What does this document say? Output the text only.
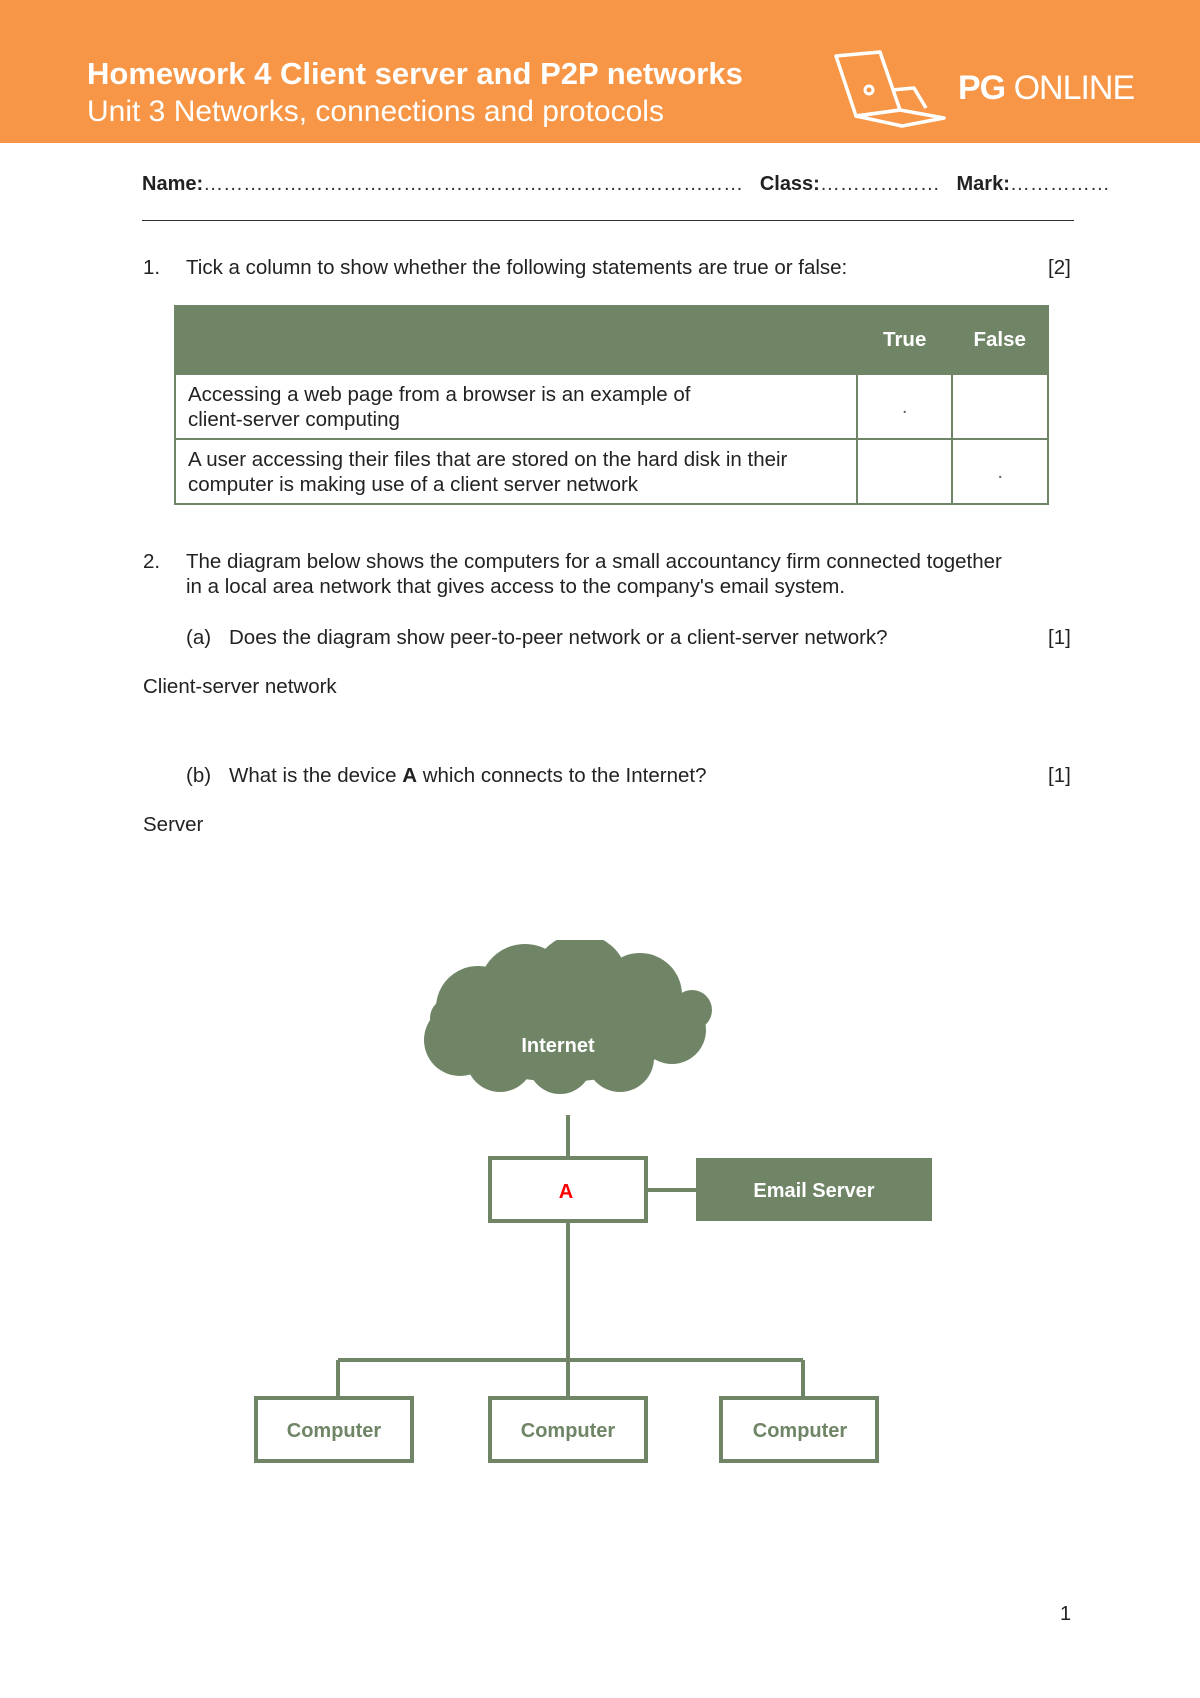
Homework 4 Client server and P2P networks
Unit 3 Networks, connections and protocols
PG ONLINE
Name:……………………………………………………………………… Class:……………… Mark:……………
1. Tick a column to show whether the following statements are true or false:	[2]
	True	False

Accessing a web page from a browser is an example of
client-server computing	.	

A user accessing their files that are stored on the hard disk in their
computer is making use of a client server network		.
2. The diagram below shows the computers for a small accountancy firm connected together
in a local area network that gives access to the company's email system.
(a) Does the diagram show peer-to-peer network or a client-server network?	[1]
Client-server network
(b) What is the device A which connects to the Internet?	[1]
Server
Internet
A	Email Server
Computer	Computer	Computer
1
